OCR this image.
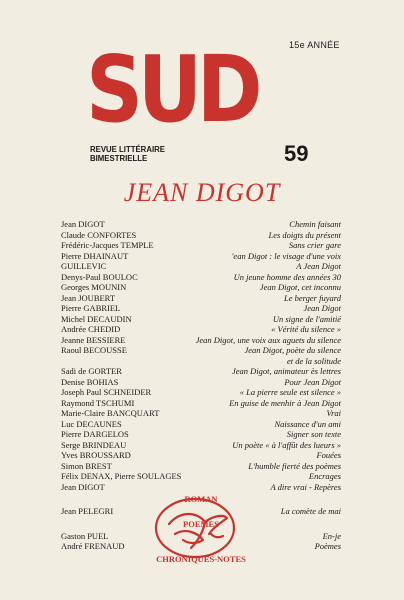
SUD	15e ANNÉE
REVUE LITTÉRAIRE
BIMESTRIELLE	59
JEAN DIGOT
Jean DIGOT	Chemin faisant
Claude CONFORTES	Les doigts du présent
Frédéric-Jacques TEMPLE	Sans crier gare
Pierre DHAINAUT	'ean Digot : le visage d'une voix
GUILLEVIC	A Jean Digot
Denys-Paul BOULOC	Un jeune homme des années 30
Georges MOUNIN	Jean Digot, cet inconnu
Jean JOUBERT	Le berger fuyard
Pierre GABRIEL	Jean Digot
Michel DECAUDIN	Un signe de l'amitié
Andrée CHEDID	« Vérité du silence »
Jeanne BESSIERE	Jean Digot, une voix aux aguets du silence
Raoul BECOUSSE	Jean Digot, poète du silence
et de la solitude
Sadi de GORTER	Jean Digot, animateur ès lettres
Denise BOHIAS	Pour Jean Digot
Joseph Paul SCHNEIDER	« La pierre seule est silence »
Raymond TSCHUMI	En guise de menhir à Jean Digot
Marie-Claire BANCQUART	Vrai
Luc DECAUNES	Naissance d'un ami
Pierre DARGELOS	Signer son texte
Serge BRINDEAU	Un poète « à l'affût des lueurs »
Yves BROUSSARD	Fouées
Simon BREST	L'humble fierté des poèmes
Félix DENAX, Pierre SOULAGES	Encrages
Jean DIGOT	A dire vrai - Repères
ROMAN
Jean PELEGRI	La comète de mai
POEMES
Gaston PUEL	En-je
André FRENAUD	Poèmes
CHRONIQUES-NOTES
